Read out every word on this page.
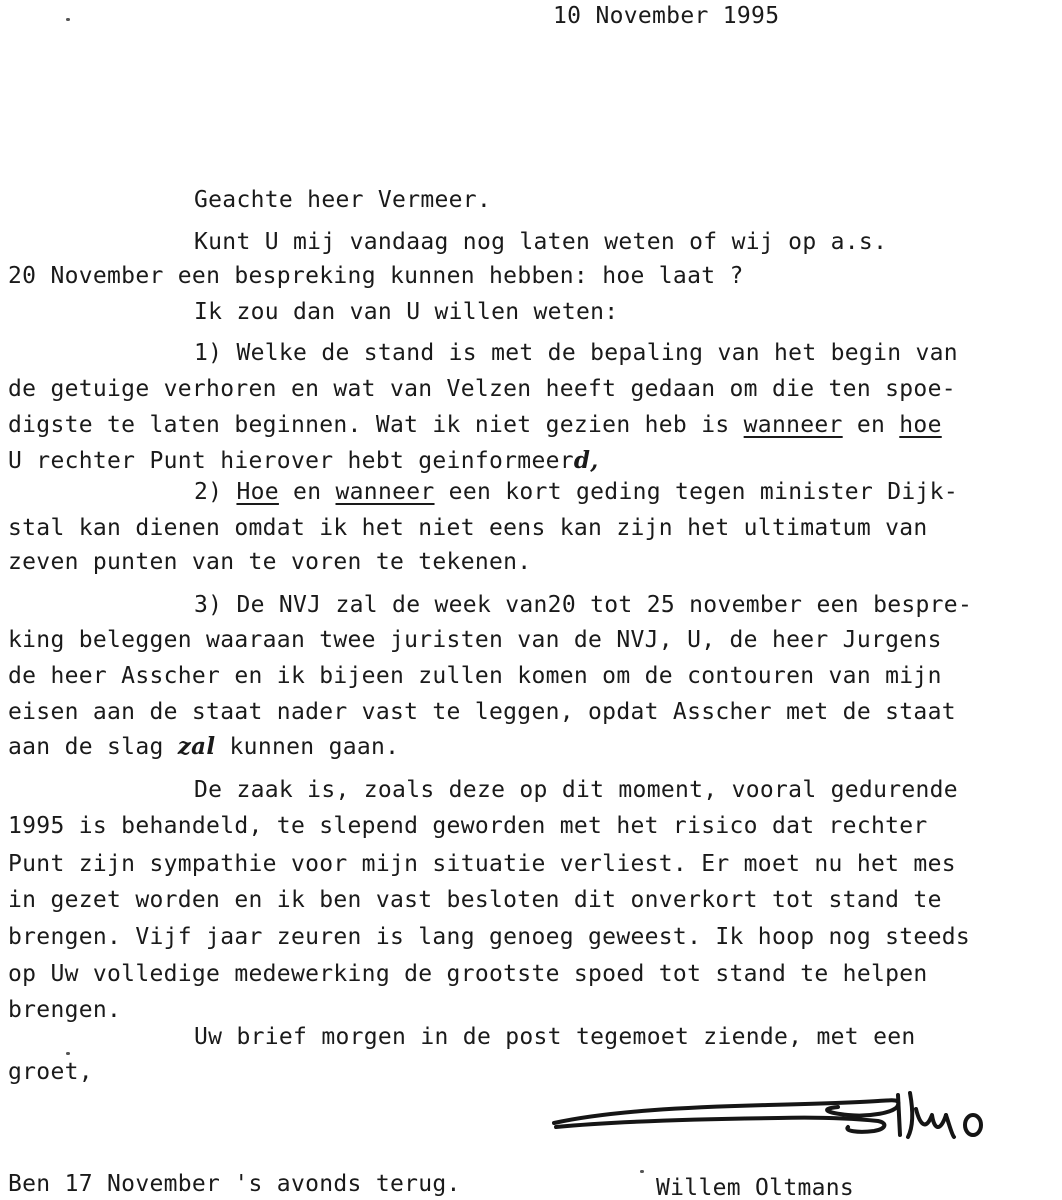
10 November 1995

Geachte heer Vermeer.

Kunt U mij vandaag nog laten weten of wij op a.s.

20 November een bespreking kunnen hebben: hoe laat ?

Ik zou dan van U willen weten:

1) Welke de stand is met de bepaling van het begin van

de getuige verhoren en wat van Velzen heeft gedaan om die ten spoe-

digste te laten beginnen. Wat ik niet gezien heb is wanneer en hoe

U rechter Punt hierover hebt geinformeerd,

2) Hoe en wanneer een kort geding tegen minister Dijk-

stal kan dienen omdat ik het niet eens kan zijn het ultimatum van

zeven punten van te voren te tekenen.

3) De NVJ zal de week van20 tot 25 november een bespre-

king beleggen waaraan twee juristen van de NVJ, U, de heer Jurgens

de heer Asscher en ik bijeen zullen komen om de contouren van mijn

eisen aan de staat nader vast te leggen, opdat Asscher met de staat

aan de slag zal kunnen gaan.

De zaak is, zoals deze op dit moment, vooral gedurende

1995 is behandeld, te slepend geworden met het risico dat rechter

Punt zijn sympathie voor mijn situatie verliest. Er moet nu het mes

in gezet worden en ik ben vast besloten dit onverkort tot stand te

brengen. Vijf jaar zeuren is lang genoeg geweest. Ik hoop nog steeds

op Uw volledige medewerking de grootste spoed tot stand te helpen

brengen.

Uw brief morgen in de post tegemoet ziende, met een

groet,

Ben 17 November 's avonds terug.	Willem Oltmans
